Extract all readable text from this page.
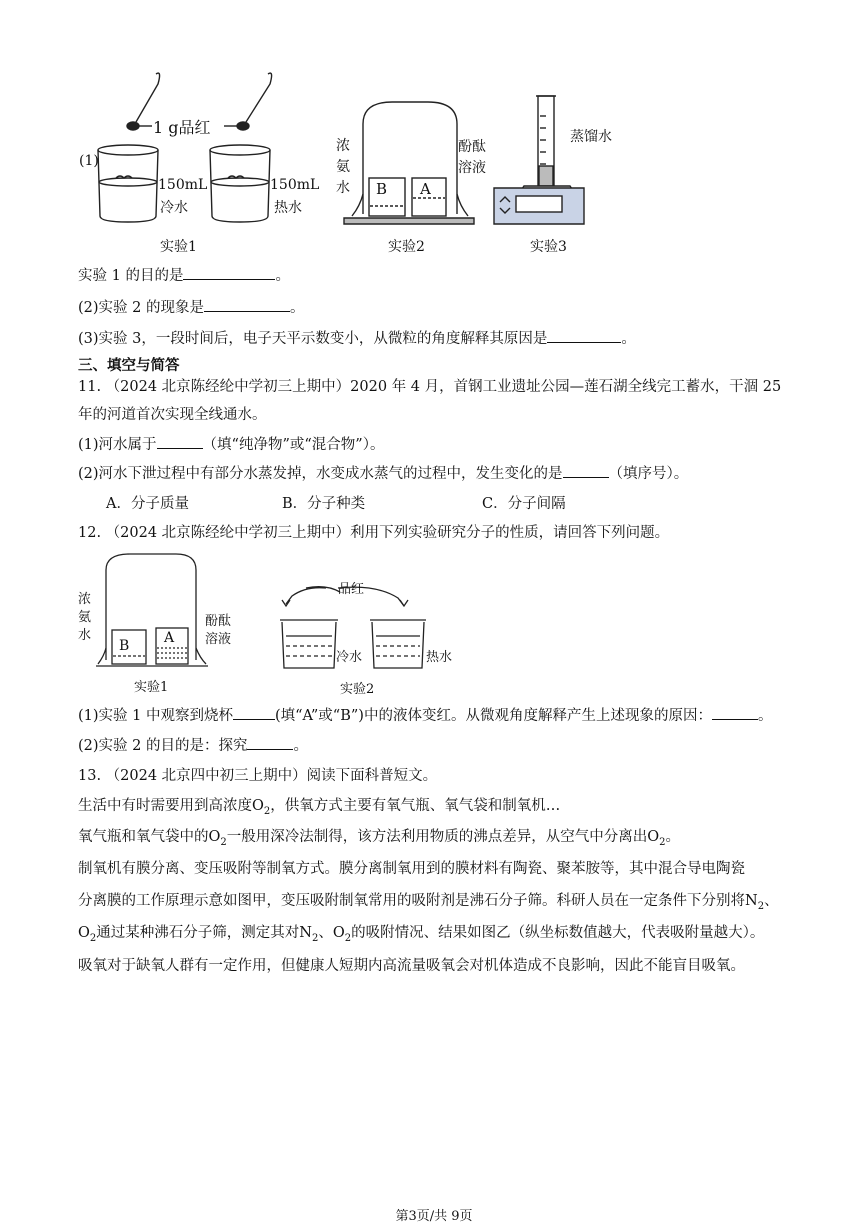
(1)
1 g品红
150mL
冷水
150mL
热水
实验1
浓
氨
水 B A
酚酞
溶液
实验2
蒸馏水
实验3
实验 1 的目的是	。
(2)实验 2 的现象是	。
(3)实验 3，一段时间后，电子天平示数变小，从微粒的角度解释其原因是	。
三、填空与简答
11. （2024 北京陈经纶中学初三上期中）2020 年 4 月，首钢工业遗址公园—莲石湖全线完工蓄水，干涸 25
年的河道首次实现全线通水。
(1)河水属于	（填“纯净物”或“混合物”）。
(2)河水下泄过程中有部分水蒸发掉，水变成水蒸气的过程中，发生变化的是	（填序号）。
A．分子质量	B．分子种类	C．分子间隔
12. （2024 北京陈经纶中学初三上期中）利用下列实验研究分子的性质，请回答下列问题。
浓
氨
水
B A
酚酞
溶液
实验1
品红
冷水	热水
实验2
(1)实验 1 中观察到烧杯	(填“A”或“B”)中的液体变红。从微观角度解释产生上述现象的原因：	。
(2)实验 2 的目的是：探究	。
13. （2024 北京四中初三上期中）阅读下面科普短文。
生活中有时需要用到高浓度$O_2$，供氧方式主要有氧气瓶、氧气袋和制氧机…
氧气瓶和氧气袋中的$O_2$一般用深冷法制得，该方法利用物质的沸点差异，从空气中分离出$O_2$。
制氧机有膜分离、变压吸附等制氧方式。膜分离制氧用到的膜材料有陶瓷、聚苯胺等，其中混合导电陶瓷
分离膜的工作原理示意如图甲，变压吸附制氧常用的吸附剂是沸石分子筛。科研人员在一定条件下分别将$N_2$、
$O_2$通过某种沸石分子筛，测定其对$N_2$、$O_2$的吸附情况、结果如图乙（纵坐标数值越大，代表吸附量越大）。
吸氧对于缺氧人群有一定作用，但健康人短期内高流量吸氧会对机体造成不良影响，因此不能盲目吸氧。
第3页/共 9页
